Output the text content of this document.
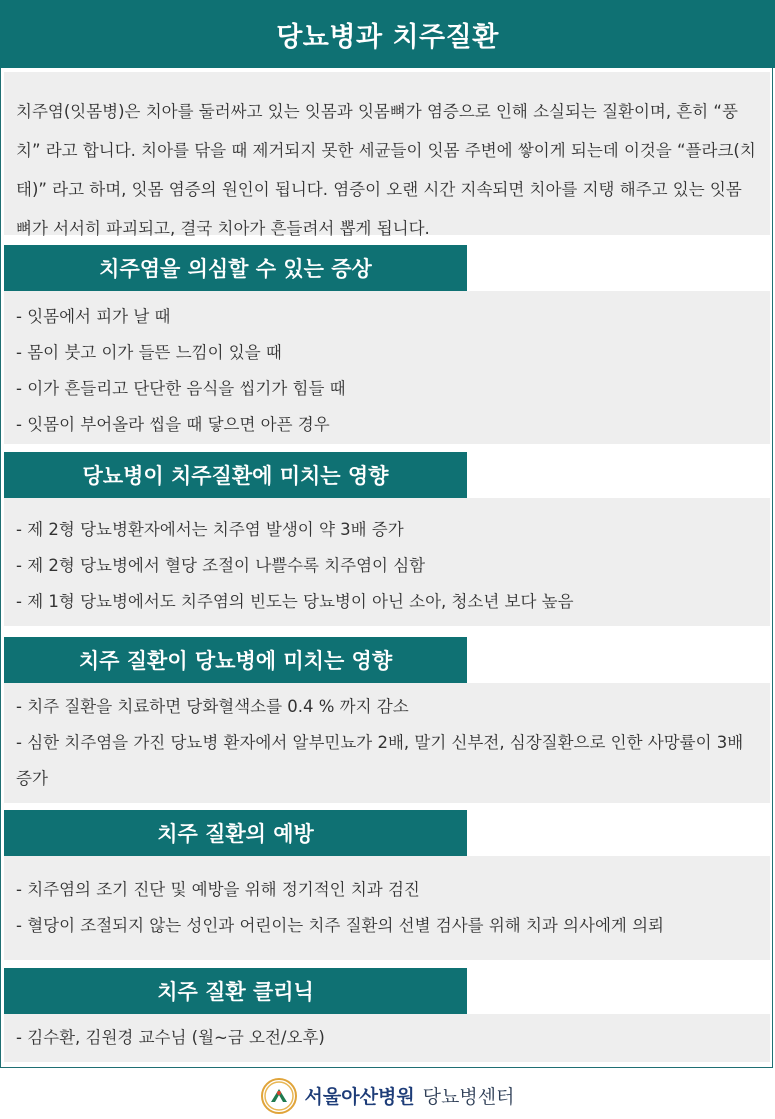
당뇨병과 치주질환

치주염(잇몸병)은 치아를 둘러싸고 있는 잇몸과 잇몸뼈가 염증으로 인해 소실되는 질환이며, 흔히 “풍치” 라고 합니다. 치아를 닦을 때 제거되지 못한 세균들이 잇몸 주변에 쌓이게 되는데 이것을 “플라크(치태)” 라고 하며, 잇몸 염증의 원인이 됩니다. 염증이 오랜 시간 지속되면 치아를 지탱 해주고 있는 잇몸 뼈가 서서히 파괴되고, 결국 치아가 흔들려서 뽑게 됩니다.

치주염을 의심할 수 있는 증상
- 잇몸에서 피가 날 때
- 몸이 붓고 이가 들뜬 느낌이 있을 때
- 이가 흔들리고 단단한 음식을 씹기가 힘들 때
- 잇몸이 부어올라 씹을 때 닿으면 아픈 경우
당뇨병이 치주질환에 미치는 영향
- 제 2형 당뇨병환자에서는 치주염 발생이 약 3배 증가
- 제 2형 당뇨병에서 혈당 조절이 나쁠수록 치주염이 심함
- 제 1형 당뇨병에서도 치주염의 빈도는 당뇨병이 아닌 소아, 청소년 보다 높음
치주 질환이 당뇨병에 미치는 영향
- 치주 질환을 치료하면 당화혈색소를 0.4 % 까지 감소
- 심한 치주염을 가진 당뇨병 환자에서 알부민뇨가 2배, 말기 신부전, 심장질환으로 인한 사망률이 3배 증가
치주 질환의 예방
- 치주염의 조기 진단 및 예방을 위해 정기적인 치과 검진
- 혈당이 조절되지 않는 성인과 어린이는 치주 질환의 선별 검사를 위해 치과 의사에게 의뢰
치주 질환 클리닉
- 김수환, 김원경 교수님 (월~금 오전/오후)
서울아산병원 당뇨병센터
